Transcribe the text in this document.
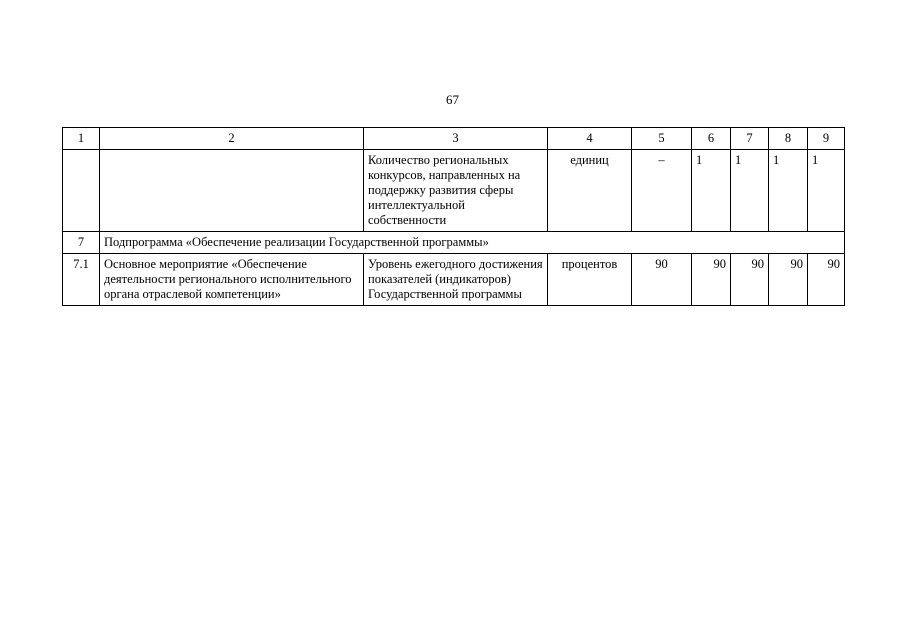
67
1	2	3	4	5	6	7	8	9
		Количество региональных конкурсов, направленных на поддержку развития сферы интеллектуальной собственности	единиц	–	1	1	1	1
7	Подпрограмма «Обеспечение реализации Государственной программы»							
7.1	Основное мероприятие «Обеспечение деятельности регионального исполнительного органа отраслевой компетенции»	Уровень ежегодного достижения показателей (индикаторов) Государственной программы	процентов	90	90	90	90	90
